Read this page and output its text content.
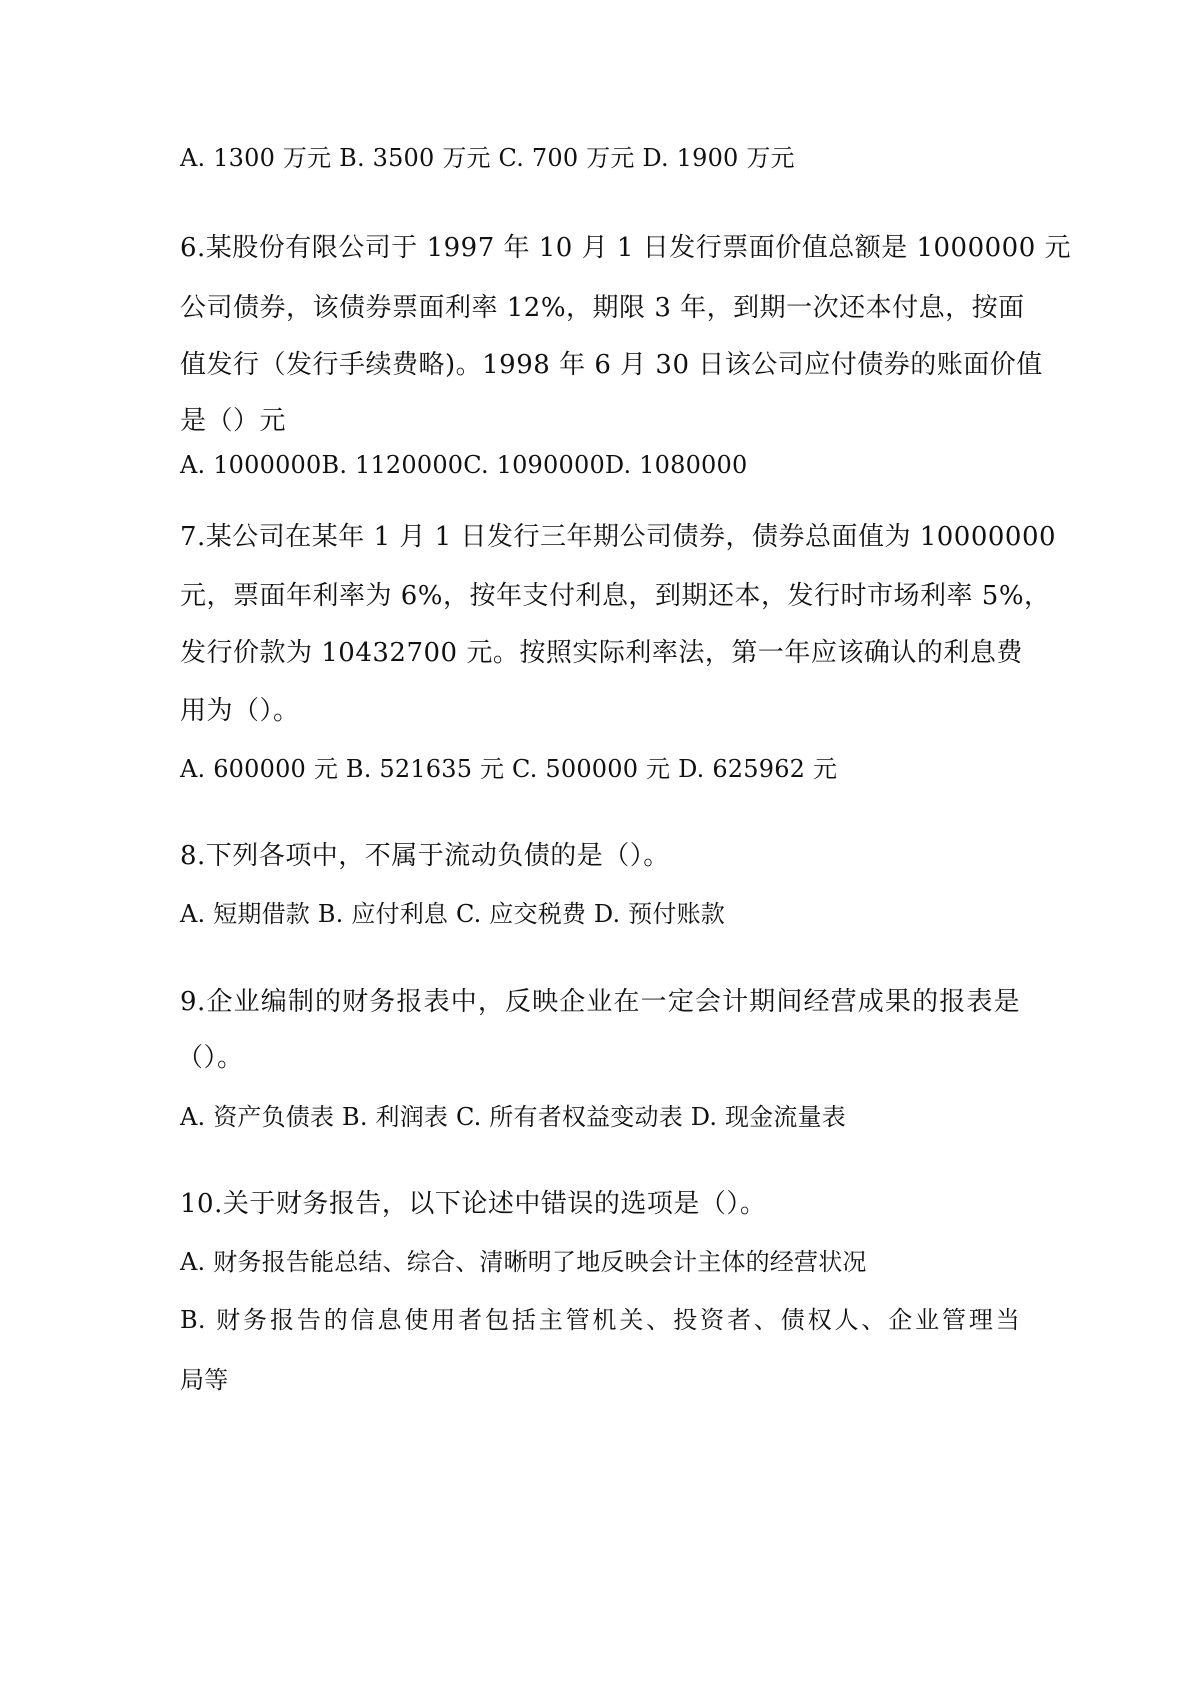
A. 1300 万元 B. 3500 万元 C. 700 万元 D. 1900 万元

6.某股份有限公司于 1997 年 10 月 1 日发行票面价值总额是 1000000 元

公司债券，该债券票面利率 12%，期限 3 年，到期一次还本付息，按面

值发行（发行手续费略)。1998 年 6 月 30 日该公司应付债券的账面价值

是（）元

A. 1000000B. 1120000C. 1090000D. 1080000

7.某公司在某年 1 月 1 日发行三年期公司债券，债券总面值为 10000000

元，票面年利率为 6%，按年支付利息，到期还本，发行时市场利率 5%，

发行价款为 10432700 元。按照实际利率法，第一年应该确认的利息费

用为（）。

A. 600000 元 B. 521635 元 C. 500000 元 D. 625962 元

8.下列各项中，不属于流动负债的是（）。

A. 短期借款 B. 应付利息 C. 应交税费 D. 预付账款

9.企业编制的财务报表中，反映企业在一定会计期间经营成果的报表是

（）。

A. 资产负债表 B. 利润表 C. 所有者权益变动表 D. 现金流量表

10.关于财务报告，以下论述中错误的选项是（）。

A. 财务报告能总结、综合、清晰明了地反映会计主体的经营状况

B. 财务报告的信息使用者包括主管机关、投资者、债权人、企业管理当

局等
